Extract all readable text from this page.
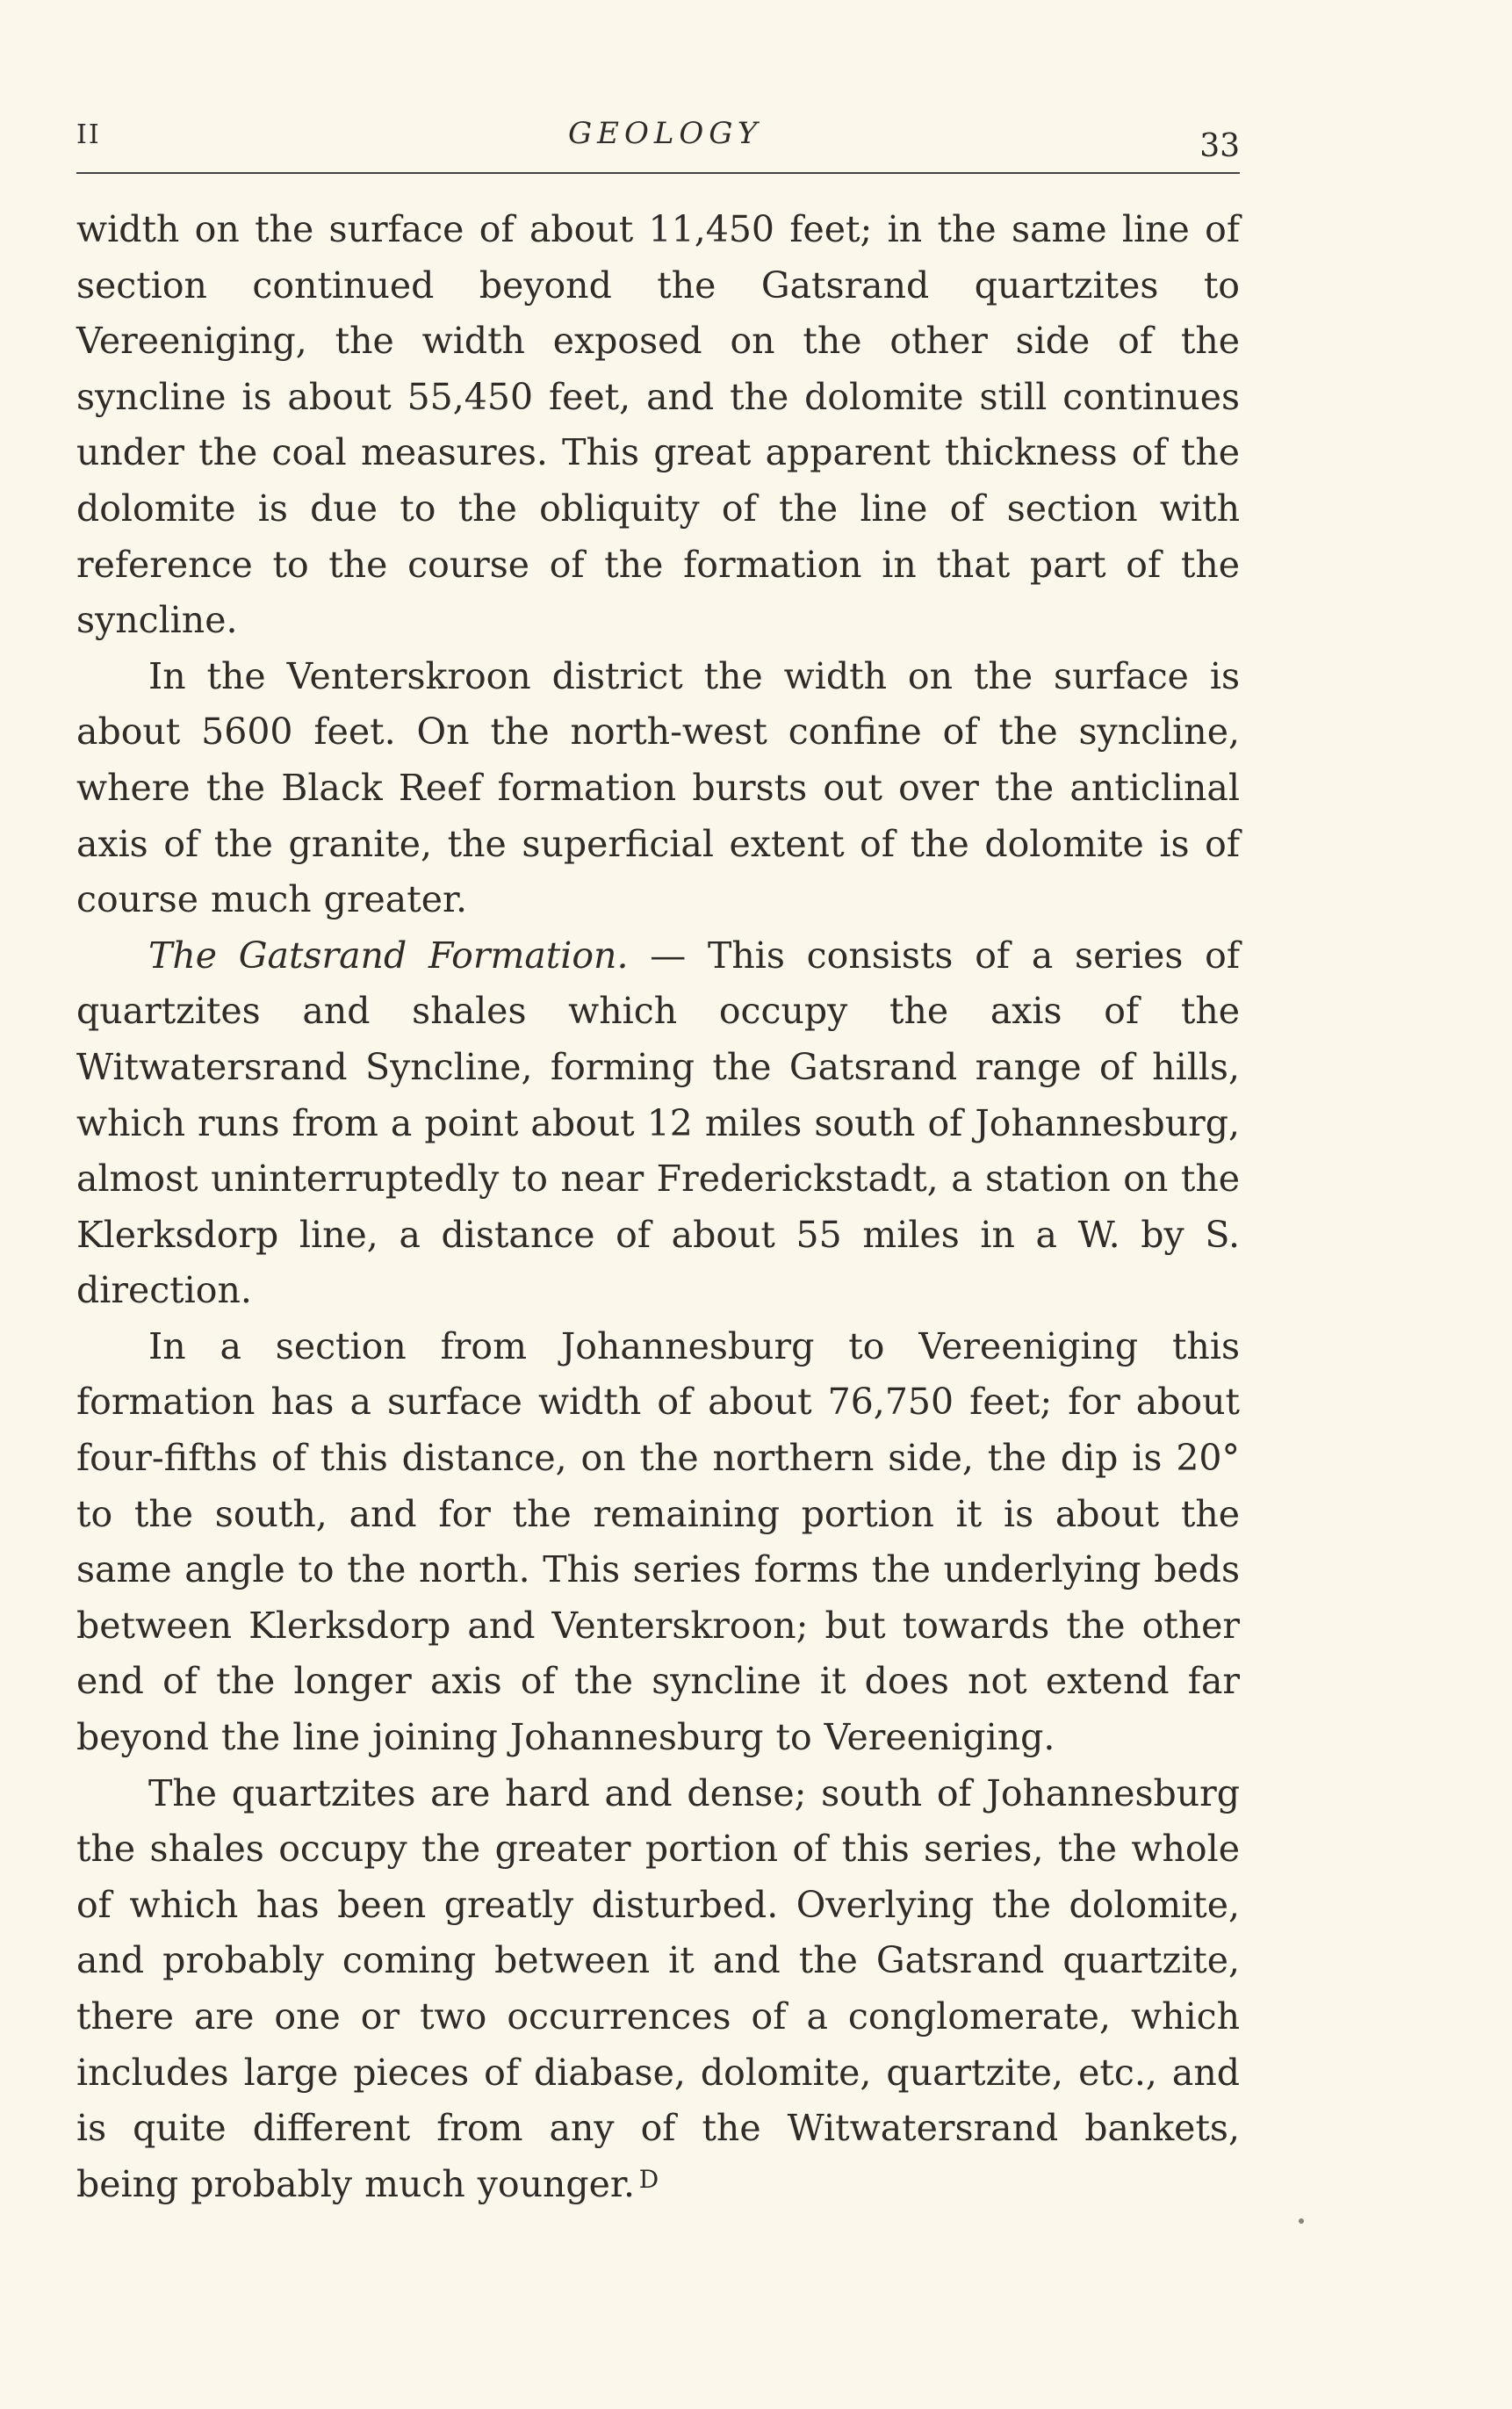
II	GEOLOGY	33

width on the surface of about 11,450 feet; in the same line of section continued beyond the Gatsrand quartzites to Vereeniging, the width exposed on the other side of the syncline is about 55,450 feet, and the dolomite still continues under the coal measures. This great apparent thickness of the dolomite is due to the obliquity of the line of section with reference to the course of the formation in that part of the syncline.

In the Venterskroon district the width on the surface is about 5600 feet. On the north-west confine of the syncline, where the Black Reef formation bursts out over the anticlinal axis of the granite, the superficial extent of the dolomite is of course much greater.

The Gatsrand Formation. — This consists of a series of quartzites and shales which occupy the axis of the Witwatersrand Syncline, forming the Gatsrand range of hills, which runs from a point about 12 miles south of Johannesburg, almost uninterruptedly to near Frederickstadt, a station on the Klerksdorp line, a distance of about 55 miles in a W. by S. direction.

In a section from Johannesburg to Vereeniging this formation has a surface width of about 76,750 feet; for about four-fifths of this distance, on the northern side, the dip is 20° to the south, and for the remaining portion it is about the same angle to the north. This series forms the underlying beds between Klerksdorp and Venterskroon; but towards the other end of the longer axis of the syncline it does not extend far beyond the line joining Johannesburg to Vereeniging.

The quartzites are hard and dense; south of Johannesburg the shales occupy the greater portion of this series, the whole of which has been greatly disturbed. Overlying the dolomite, and probably coming between it and the Gatsrand quartzite, there are one or two occurrences of a conglomerate, which includes large pieces of diabase, dolomite, quartzite, etc., and is quite different from any of the Witwatersrand bankets, being probably much younger. D
